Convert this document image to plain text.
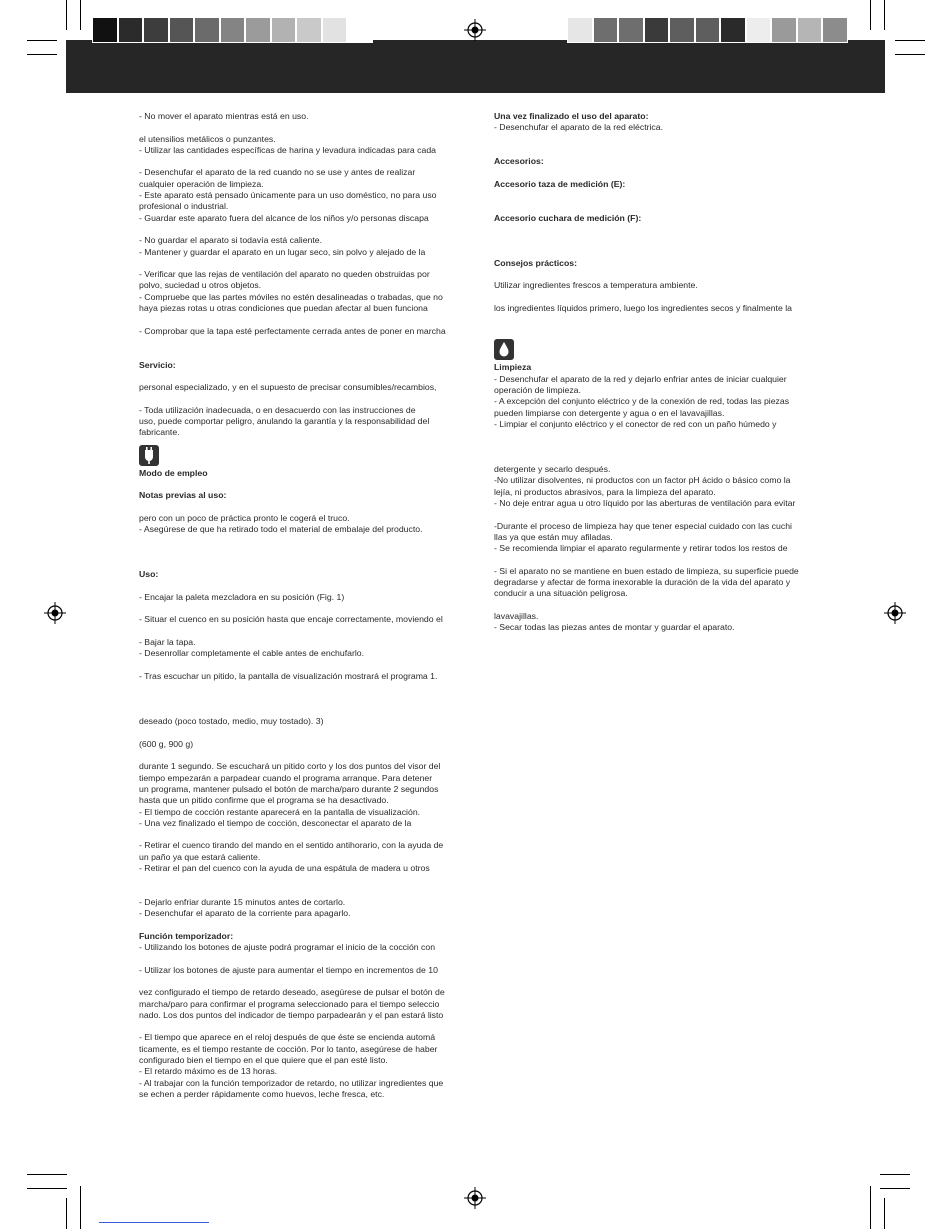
- No mover el aparato mientras está en uso.

el utensilios metálicos o punzantes.

- Utilizar las cantidades específicas de harina y levadura indicadas para cada

- Desenchufar el aparato de la red cuando no se use y antes de realizar

cualquier operación de limpieza.

- Este aparato está pensado únicamente para un uso doméstico, no para uso

profesional o industrial.

- Guardar este aparato fuera del alcance de los niños y/o personas discapa

- No guardar el aparato si todavía está caliente.

- Mantener y guardar el aparato en un lugar seco, sin polvo y alejado de la

- Verificar que las rejas de ventilación del aparato no queden obstruidas por

polvo, suciedad u otros objetos.

- Compruebe que las partes móviles no estén desalineadas o trabadas, que no

haya piezas rotas u otras condiciones que puedan afectar al buen funciona

- Comprobar que la tapa esté perfectamente cerrada antes de poner en marcha

Servicio:

personal especializado, y en el supuesto de precisar consumibles/recambios,

- Toda utilización inadecuada, o en desacuerdo con las instrucciones de

uso, puede comportar peligro, anulando la garantía y la responsabilidad del

fabricante.

Modo de empleo

Notas previas al uso:

pero con un poco de práctica pronto le cogerá el truco.

- Asegúrese de que ha retirado todo el material de embalaje del producto.

Uso:

- Encajar la paleta mezcladora en su posición (Fig. 1)

- Situar el cuenco en su posición hasta que encaje correctamente, moviendo el

- Bajar la tapa.

- Desenrollar completamente el cable antes de enchufarlo.

- Tras escuchar un pitido, la pantalla de visualización mostrará el programa 1.

deseado (poco tostado, medio, muy tostado). 3)

(600 g, 900 g)

durante 1 segundo. Se escuchará un pitido corto y los dos puntos del visor del

tiempo empezarán a parpadear cuando el programa arranque. Para detener

un programa, mantener pulsado el botón de marcha/paro durante 2 segundos

hasta que un pitido confirme que el programa se ha desactivado.

- El tiempo de cocción restante aparecerá en la pantalla de visualización.

- Una vez finalizado el tiempo de cocción, desconectar el aparato de la

- Retirar el cuenco tirando del mando en el sentido antihorario, con la ayuda de

un paño ya que estará caliente.

- Retirar el pan del cuenco con la ayuda de una espátula de madera u otros

- Dejarlo enfriar durante 15 minutos antes de cortarlo.

- Desenchufar el aparato de la corriente para apagarlo.

Función temporizador:

- Utilizando los botones de ajuste podrá programar el inicio de la cocción con

- Utilizar los botones de ajuste para aumentar el tiempo en incrementos de 10

vez configurado el tiempo de retardo deseado, asegúrese de pulsar el botón de

marcha/paro para confirmar el programa seleccionado para el tiempo seleccio

nado. Los dos puntos del indicador de tiempo parpadearán y el pan estará listo

- El tiempo que aparece en el reloj después de que éste se encienda automá

ticamente, es el tiempo restante de cocción. Por lo tanto, asegúrese de haber

configurado bien el tiempo en el que quiere que el pan esté listo.

- El retardo máximo es de 13 horas.

- Al trabajar con la función temporizador de retardo, no utilizar ingredientes que

se echen a perder rápidamente como huevos, leche fresca, etc.

Una vez finalizado el uso del aparato:

- Desenchufar el aparato de la red eléctrica.

Accesorios:

Accesorio taza de medición (E):

Accesorio cuchara de medición (F):

Consejos prácticos:

Utilizar ingredientes frescos a temperatura ambiente.

los ingredientes líquidos primero, luego los ingredientes secos y finalmente la

Limpieza

- Desenchufar el aparato de la red y dejarlo enfriar antes de iniciar cualquier

operación de limpieza.

- A excepción del conjunto eléctrico y de la conexión de red, todas las piezas

pueden limpiarse con detergente y agua o en el lavavajillas.

- Limpiar el conjunto eléctrico y el conector de red con un paño húmedo y

detergente y secarlo después.

-No utilizar disolventes, ni productos con un factor pH ácido o básico como la

lejía, ni productos abrasivos, para la limpieza del aparato.

- No deje entrar agua u otro líquido por las aberturas de ventilación para evitar

-Durante el proceso de limpieza hay que tener especial cuidado con las cuchi

llas ya que están muy afiladas.

- Se recomienda limpiar el aparato regularmente y retirar todos los restos de

- Si el aparato no se mantiene en buen estado de limpieza, su superficie puede

degradarse y afectar de forma inexorable la duración de la vida del aparato y

conducir a una situación peligrosa.

lavavajillas.

- Secar todas las piezas antes de montar y guardar el aparato.
